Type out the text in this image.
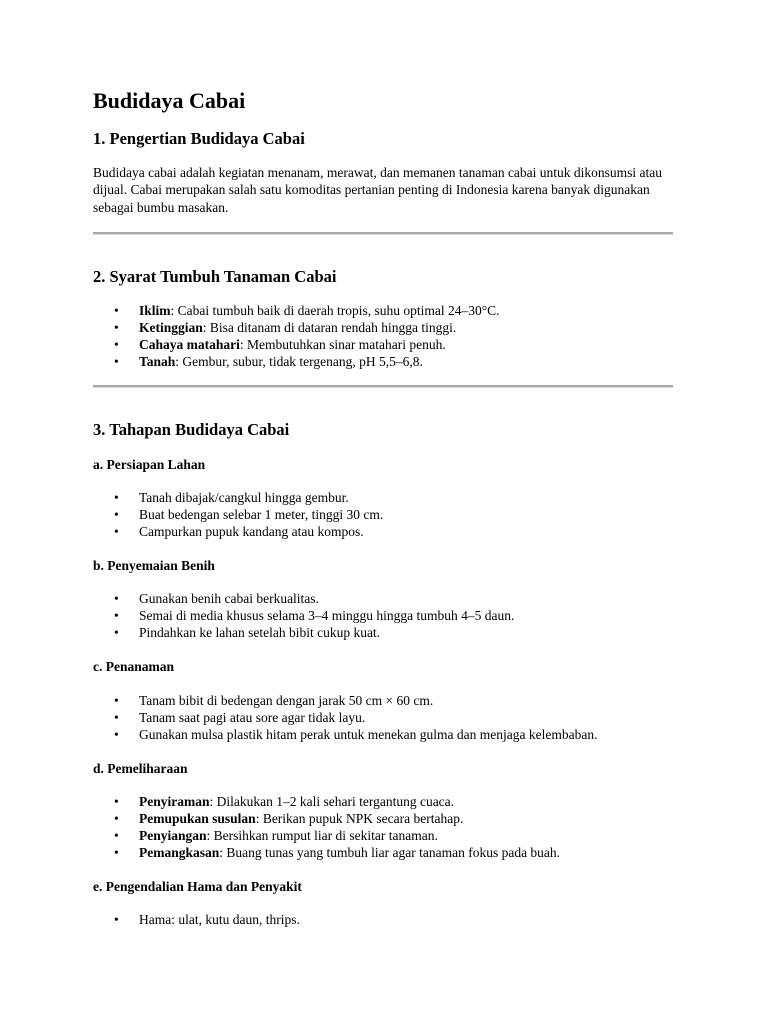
Budidaya Cabai
1. Pengertian Budidaya Cabai

Budidaya cabai adalah kegiatan menanam, merawat, dan memanen tanaman cabai untuk dikonsumsi atau dijual. Cabai merupakan salah satu komoditas pertanian penting di Indonesia karena banyak digunakan sebagai bumbu masakan.

2. Syarat Tumbuh Tanaman Cabai
• Iklim: Cabai tumbuh baik di daerah tropis, suhu optimal 24–30°C.
• Ketinggian: Bisa ditanam di dataran rendah hingga tinggi.
• Cahaya matahari: Membutuhkan sinar matahari penuh.
• Tanah: Gembur, subur, tidak tergenang, pH 5,5–6,8.
3. Tahapan Budidaya Cabai
a. Persiapan Lahan
• Tanah dibajak/cangkul hingga gembur.
• Buat bedengan selebar 1 meter, tinggi 30 cm.
• Campurkan pupuk kandang atau kompos.
b. Penyemaian Benih
• Gunakan benih cabai berkualitas.
• Semai di media khusus selama 3–4 minggu hingga tumbuh 4–5 daun.
• Pindahkan ke lahan setelah bibit cukup kuat.
c. Penanaman
• Tanam bibit di bedengan dengan jarak 50 cm × 60 cm.
• Tanam saat pagi atau sore agar tidak layu.
• Gunakan mulsa plastik hitam perak untuk menekan gulma dan menjaga kelembaban.
d. Pemeliharaan
• Penyiraman: Dilakukan 1–2 kali sehari tergantung cuaca.
• Pemupukan susulan: Berikan pupuk NPK secara bertahap.
• Penyiangan: Bersihkan rumput liar di sekitar tanaman.
• Pemangkasan: Buang tunas yang tumbuh liar agar tanaman fokus pada buah.
e. Pengendalian Hama dan Penyakit
• Hama: ulat, kutu daun, thrips.
